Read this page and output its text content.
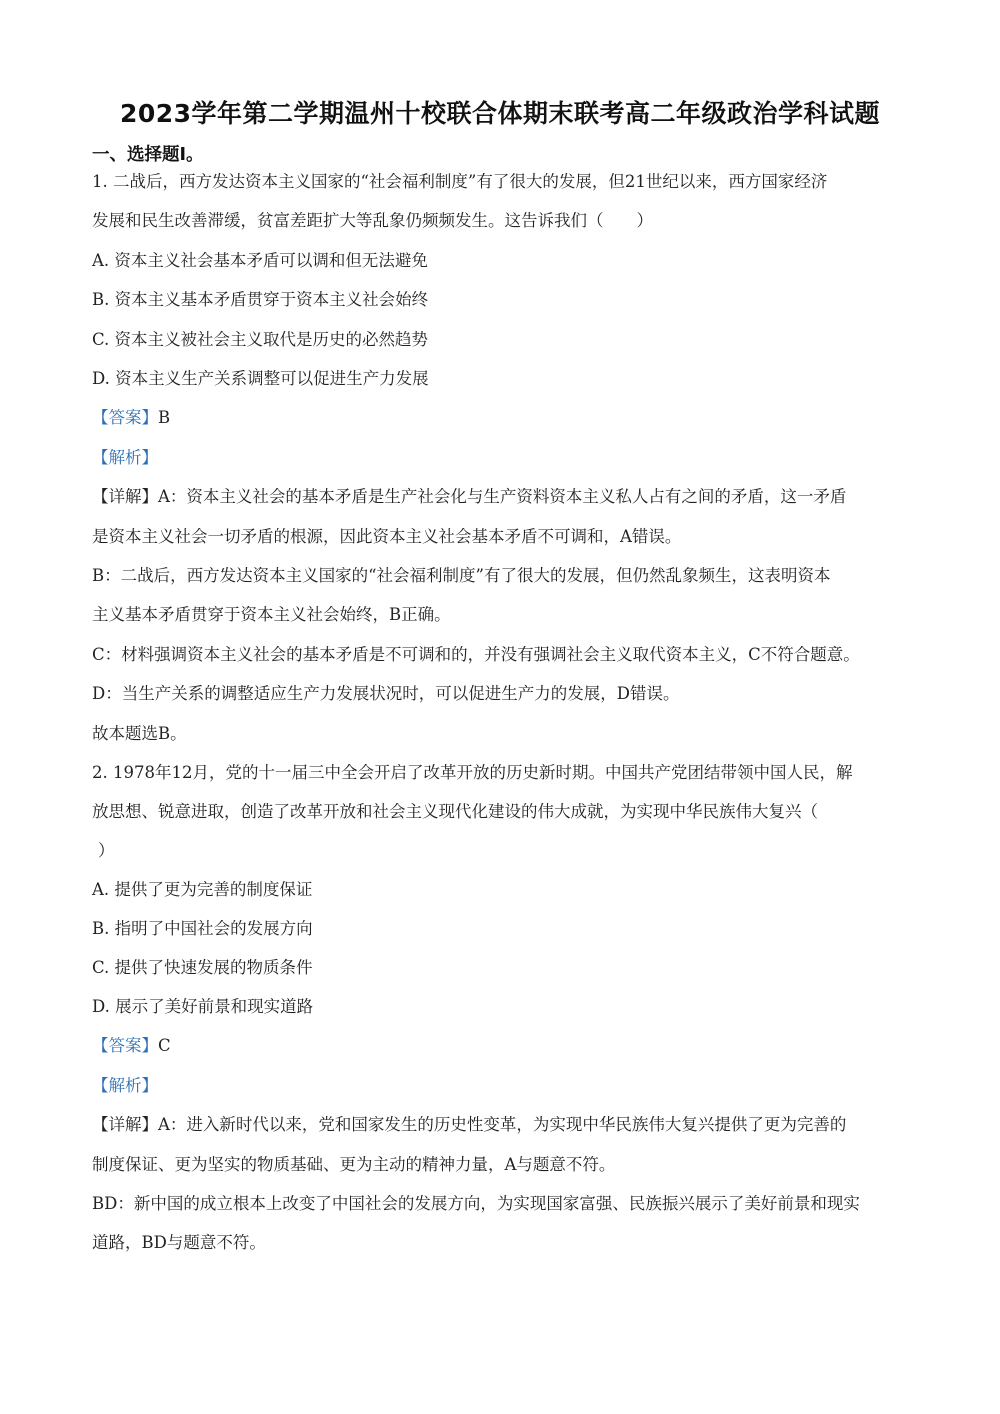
2023学年第二学期温州十校联合体期末联考高二年级政治学科试题
一、选择题I。
1. 二战后，西方发达资本主义国家的“社会福利制度”有了很大的发展，但21世纪以来，西方国家经济
发展和民生改善滞缓，贫富差距扩大等乱象仍频频发生。这告诉我们（　　）
A. 资本主义社会基本矛盾可以调和但无法避免
B. 资本主义基本矛盾贯穿于资本主义社会始终
C. 资本主义被社会主义取代是历史的必然趋势
D. 资本主义生产关系调整可以促进生产力发展
【答案】B
【解析】
【详解】A：资本主义社会的基本矛盾是生产社会化与生产资料资本主义私人占有之间的矛盾，这一矛盾
是资本主义社会一切矛盾的根源，因此资本主义社会基本矛盾不可调和，A错误。
B：二战后，西方发达资本主义国家的“社会福利制度”有了很大的发展，但仍然乱象频生，这表明资本
主义基本矛盾贯穿于资本主义社会始终，B正确。
C：材料强调资本主义社会的基本矛盾是不可调和的，并没有强调社会主义取代资本主义，C不符合题意。
D：当生产关系的调整适应生产力发展状况时，可以促进生产力的发展，D错误。
故本题选B。
2. 1978年12月，党的十一届三中全会开启了改革开放的历史新时期。中国共产党团结带领中国人民，解
放思想、锐意进取，创造了改革开放和社会主义现代化建设的伟大成就，为实现中华民族伟大复兴（
）
A. 提供了更为完善的制度保证
B. 指明了中国社会的发展方向
C. 提供了快速发展的物质条件
D. 展示了美好前景和现实道路
【答案】C
【解析】
【详解】A：进入新时代以来，党和国家发生的历史性变革，为实现中华民族伟大复兴提供了更为完善的
制度保证、更为坚实的物质基础、更为主动的精神力量，A与题意不符。
BD：新中国的成立根本上改变了中国社会的发展方向，为实现国家富强、民族振兴展示了美好前景和现实
道路，BD与题意不符。
